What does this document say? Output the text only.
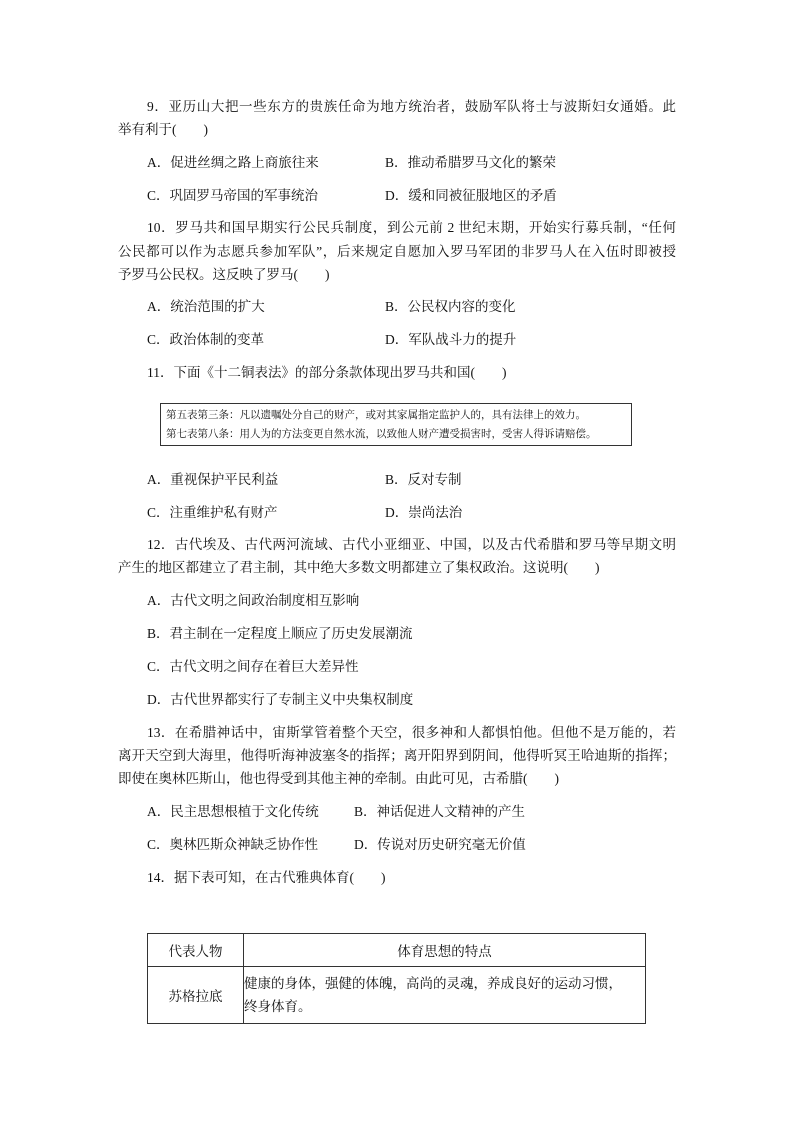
9．亚历山大把一些东方的贵族任命为地方统治者，鼓励军队将士与波斯妇女通婚。此
举有利于(　　)
A．促进丝绸之路上商旅往来	B．推动希腊罗马文化的繁荣
C．巩固罗马帝国的军事统治	D．缓和同被征服地区的矛盾
10．罗马共和国早期实行公民兵制度，到公元前 2 世纪末期，开始实行募兵制，“任何
公民都可以作为志愿兵参加军队”，后来规定自愿加入罗马军团的非罗马人在入伍时即被授
予罗马公民权。这反映了罗马(　　)
A．统治范围的扩大	B．公民权内容的变化
C．政治体制的变革	D．军队战斗力的提升
11．下面《十二铜表法》的部分条款体现出罗马共和国(　　)
第五表第三条：凡以遗嘱处分自己的财产，或对其家属指定监护人的，具有法律上的效力。
第七表第八条：用人为的方法变更自然水流，以致他人财产遭受损害时，受害人得诉请赔偿。
A．重视保护平民利益	B．反对专制
C．注重维护私有财产	D．崇尚法治
12．古代埃及、古代两河流域、古代小亚细亚、中国，以及古代希腊和罗马等早期文明
产生的地区都建立了君主制，其中绝大多数文明都建立了集权政治。这说明(　　)
A．古代文明之间政治制度相互影响
B．君主制在一定程度上顺应了历史发展潮流
C．古代文明之间存在着巨大差异性
D．古代世界都实行了专制主义中央集权制度
13．在希腊神话中，宙斯掌管着整个天空，很多神和人都惧怕他。但他不是万能的，若
离开天空到大海里，他得听海神波塞冬的指挥；离开阳界到阴间，他得听冥王哈迪斯的指挥；
即使在奥林匹斯山，他也得受到其他主神的牵制。由此可见，古希腊(　　)
A．民主思想根植于文化传统	B．神话促进人文精神的产生
C．奥林匹斯众神缺乏协作性	D．传说对历史研究毫无价值
14．据下表可知，在古代雅典体育(　　)
代表人物	体育思想的特点
苏格拉底	健康的身体，强健的体魄，高尚的灵魂，养成良好的运动习惯，
终身体育。
